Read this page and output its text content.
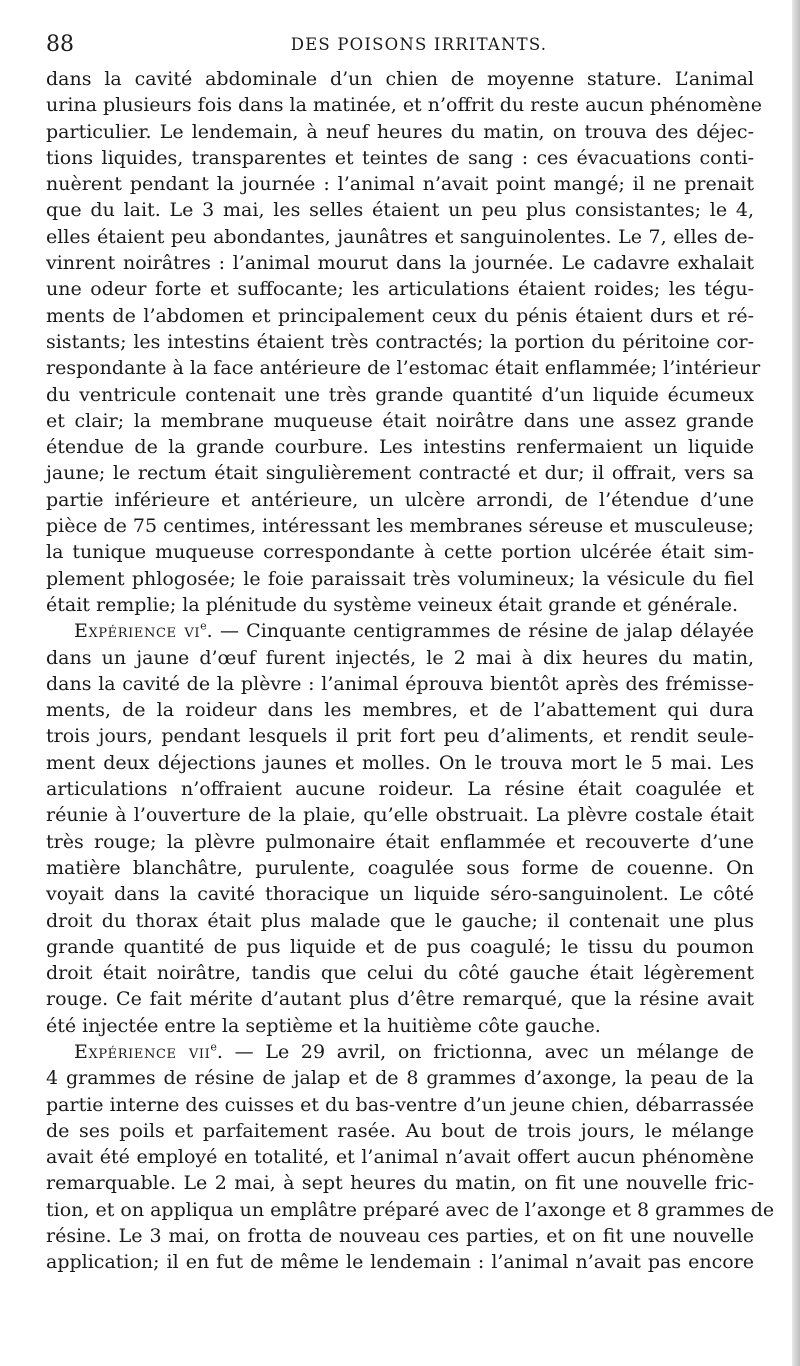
88	DES POISONS IRRITANTS.
dans la cavité abdominale d’un chien de moyenne stature. L’animal
urina plusieurs fois dans la matinée, et n’offrit du reste aucun phénomène
particulier. Le lendemain, à neuf heures du matin, on trouva des déjec-
tions liquides, transparentes et teintes de sang : ces évacuations conti-
nuèrent pendant la journée : l’animal n’avait point mangé; il ne prenait
que du lait. Le 3 mai, les selles étaient un peu plus consistantes; le 4,
elles étaient peu abondantes, jaunâtres et sanguinolentes. Le 7, elles de-
vinrent noirâtres : l’animal mourut dans la journée. Le cadavre exhalait
une odeur forte et suffocante; les articulations étaient roides; les tégu-
ments de l’abdomen et principalement ceux du pénis étaient durs et ré-
sistants; les intestins étaient très contractés; la portion du péritoine cor-
respondante à la face antérieure de l’estomac était enflammée; l’intérieur
du ventricule contenait une très grande quantité d’un liquide écumeux
et clair; la membrane muqueuse était noirâtre dans une assez grande
étendue de la grande courbure. Les intestins renfermaient un liquide
jaune; le rectum était singulièrement contracté et dur; il offrait, vers sa
partie inférieure et antérieure, un ulcère arrondi, de l’étendue d’une
pièce de 75 centimes, intéressant les membranes séreuse et musculeuse;
la tunique muqueuse correspondante à cette portion ulcérée était sim-
plement phlogosée; le foie paraissait très volumineux; la vésicule du fiel
était remplie; la plénitude du système veineux était grande et générale.
Expérience $vi^e$. — Cinquante centigrammes de résine de jalap délayée
dans un jaune d’œuf furent injectés, le 2 mai à dix heures du matin,
dans la cavité de la plèvre : l’animal éprouva bientôt après des frémisse-
ments, de la roideur dans les membres, et de l’abattement qui dura
trois jours, pendant lesquels il prit fort peu d’aliments, et rendit seule-
ment deux déjections jaunes et molles. On le trouva mort le 5 mai. Les
articulations n’offraient aucune roideur. La résine était coagulée et
réunie à l’ouverture de la plaie, qu’elle obstruait. La plèvre costale était
très rouge; la plèvre pulmonaire était enflammée et recouverte d’une
matière blanchâtre, purulente, coagulée sous forme de couenne. On
voyait dans la cavité thoracique un liquide séro-sanguinolent. Le côté
droit du thorax était plus malade que le gauche; il contenait une plus
grande quantité de pus liquide et de pus coagulé; le tissu du poumon
droit était noirâtre, tandis que celui du côté gauche était légèrement
rouge. Ce fait mérite d’autant plus d’être remarqué, que la résine avait
été injectée entre la septième et la huitième côte gauche.
Expérience vii$^e$. — Le 29 avril, on frictionna, avec un mélange de
4 grammes de résine de jalap et de 8 grammes d’axonge, la peau de la
partie interne des cuisses et du bas-ventre d’un jeune chien, débarrassée
de ses poils et parfaitement rasée. Au bout de trois jours, le mélange
avait été employé en totalité, et l’animal n’avait offert aucun phénomène
remarquable. Le 2 mai, à sept heures du matin, on fit une nouvelle fric-
tion, et on appliqua un emplâtre préparé avec de l’axonge et 8 grammes de
résine. Le 3 mai, on frotta de nouveau ces parties, et on fit une nouvelle
application; il en fut de même le lendemain : l’animal n’avait pas encore
